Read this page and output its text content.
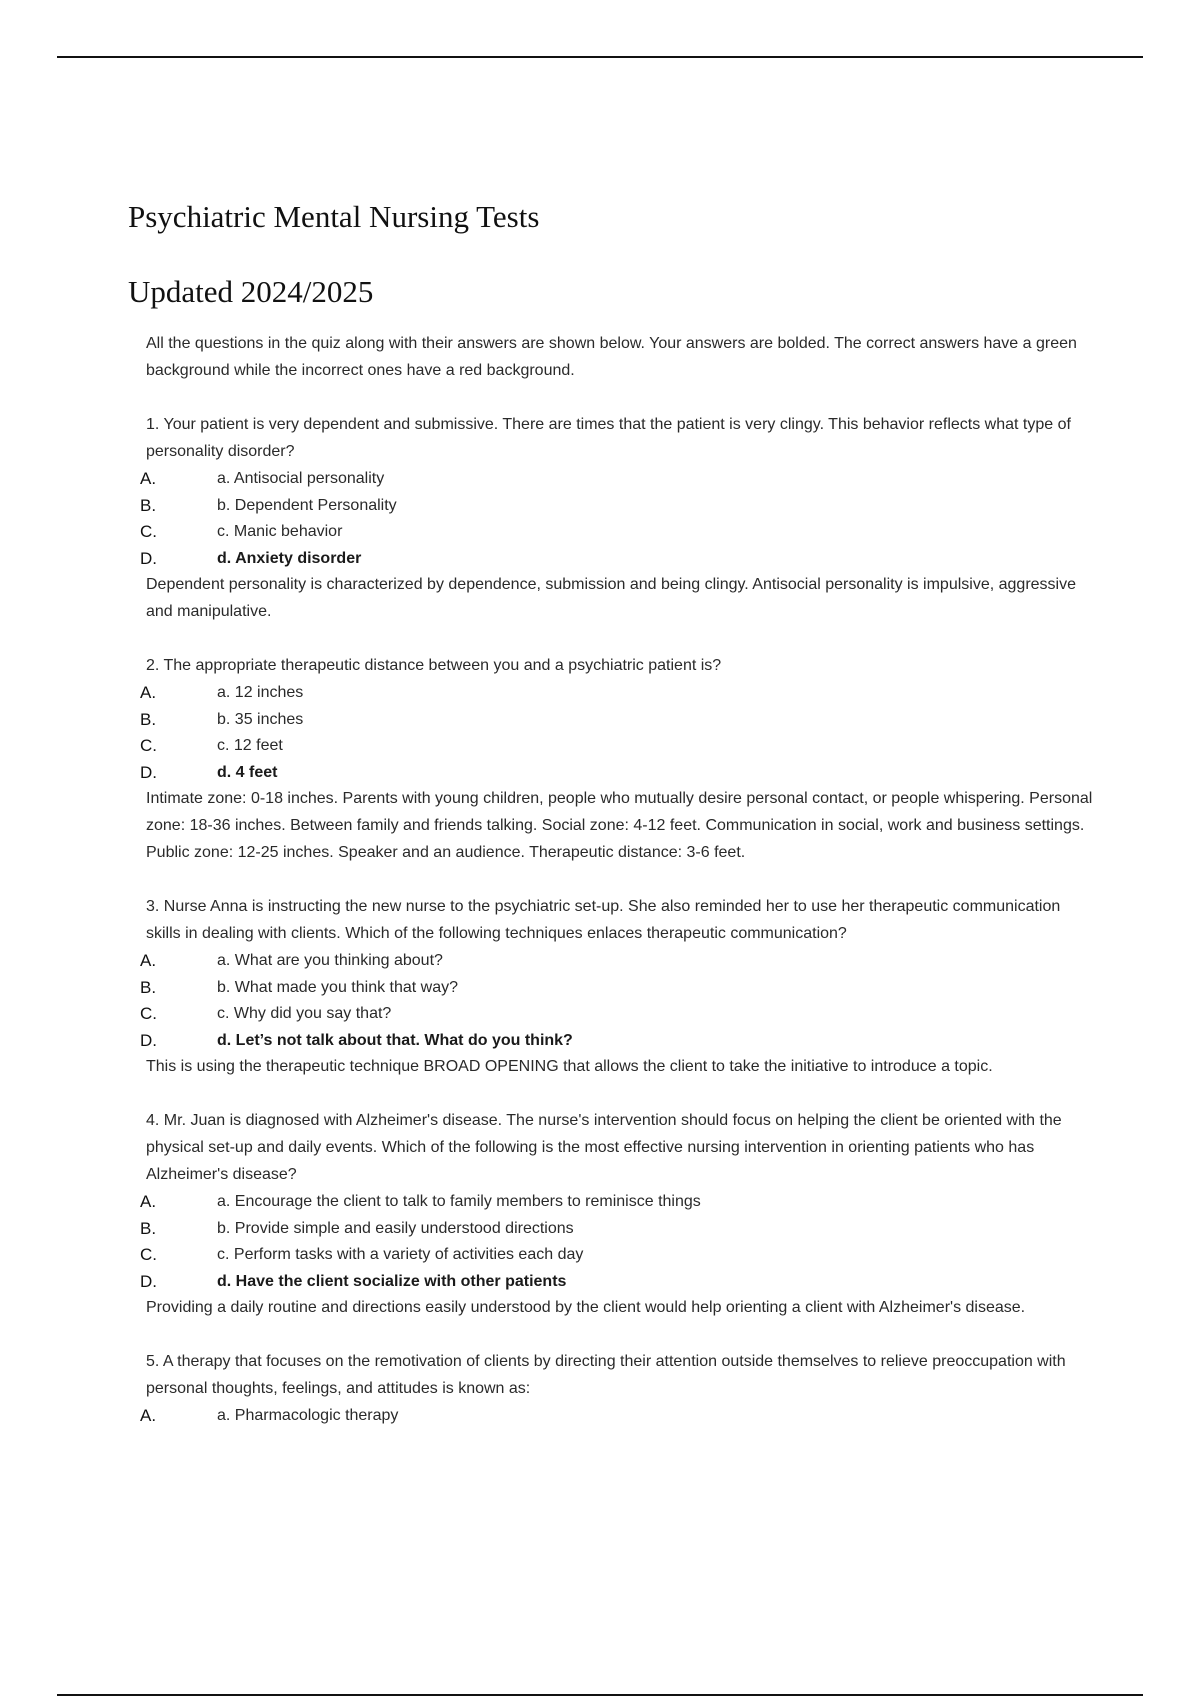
Psychiatric Mental Nursing Tests
Updated 2024/2025

All the questions in the quiz along with their answers are shown below. Your answers are bolded. The correct answers have a green background while the incorrect ones have a red background.

1. Your patient is very dependent and submissive. There are times that the patient is very clingy. This behavior reflects what type of personality disorder?

A.	a. Antisocial personality
B.	b. Dependent Personality
C.	c. Manic behavior
D.	d. Anxiety disorder

Dependent personality is characterized by dependence, submission and being clingy. Antisocial personality is impulsive, aggressive and manipulative.

2. The appropriate therapeutic distance between you and a psychiatric patient is?

A.	a. 12 inches
B.	b. 35 inches
C.	c. 12 feet
D.	d. 4 feet

Intimate zone: 0-18 inches. Parents with young children, people who mutually desire personal contact, or people whispering. Personal zone: 18-36 inches. Between family and friends talking. Social zone: 4-12 feet. Communication in social, work and business settings. Public zone: 12-25 inches. Speaker and an audience. Therapeutic distance: 3-6 feet.

3. Nurse Anna is instructing the new nurse to the psychiatric set-up. She also reminded her to use her therapeutic communication skills in dealing with clients. Which of the following techniques enlaces therapeutic communication?

A.	a. What are you thinking about?
B.	b. What made you think that way?
C.	c. Why did you say that?
D.	d. Let’s not talk about that. What do you think?

This is using the therapeutic technique BROAD OPENING that allows the client to take the initiative to introduce a topic.

4. Mr. Juan is diagnosed with Alzheimer's disease. The nurse's intervention should focus on helping the client be oriented with the physical set-up and daily events. Which of the following is the most effective nursing intervention in orienting patients who has Alzheimer's disease?

A.	a. Encourage the client to talk to family members to reminisce things
B.	b. Provide simple and easily understood directions
C.	c. Perform tasks with a variety of activities each day
D.	d. Have the client socialize with other patients

Providing a daily routine and directions easily understood by the client would help orienting a client with Alzheimer's disease.

5. A therapy that focuses on the remotivation of clients by directing their attention outside themselves to relieve preoccupation with personal thoughts, feelings, and attitudes is known as:

A.	a. Pharmacologic therapy
